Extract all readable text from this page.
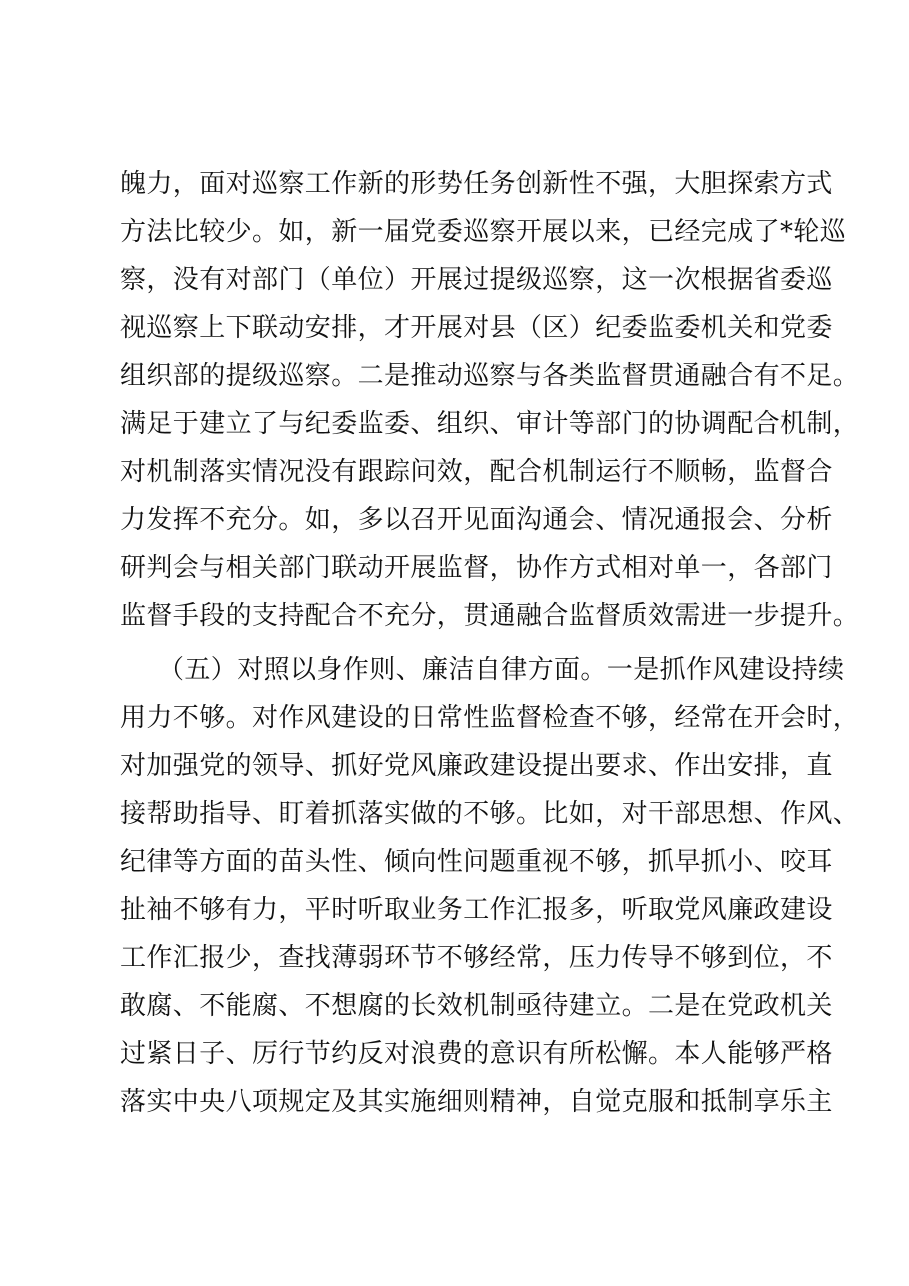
魄力，面对巡察工作新的形势任务创新性不强，大胆探索方式
方法比较少。如，新一届党委巡察开展以来，已经完成了*轮巡
察，没有对部门（单位）开展过提级巡察，这一次根据省委巡
视巡察上下联动安排，才开展对县（区）纪委监委机关和党委
组织部的提级巡察。二是推动巡察与各类监督贯通融合有不足。
满足于建立了与纪委监委、组织、审计等部门的协调配合机制，
对机制落实情况没有跟踪问效，配合机制运行不顺畅，监督合
力发挥不充分。如，多以召开见面沟通会、情况通报会、分析
研判会与相关部门联动开展监督，协作方式相对单一，各部门
监督手段的支持配合不充分，贯通融合监督质效需进一步提升。
（五）对照以身作则、廉洁自律方面。一是抓作风建设持续
用力不够。对作风建设的日常性监督检查不够，经常在开会时，
对加强党的领导、抓好党风廉政建设提出要求、作出安排，直
接帮助指导、盯着抓落实做的不够。比如，对干部思想、作风、
纪律等方面的苗头性、倾向性问题重视不够，抓早抓小、咬耳
扯袖不够有力，平时听取业务工作汇报多，听取党风廉政建设
工作汇报少，查找薄弱环节不够经常，压力传导不够到位，不
敢腐、不能腐、不想腐的长效机制亟待建立。二是在党政机关
过紧日子、厉行节约反对浪费的意识有所松懈。本人能够严格
落实中央八项规定及其实施细则精神，自觉克服和抵制享乐主
